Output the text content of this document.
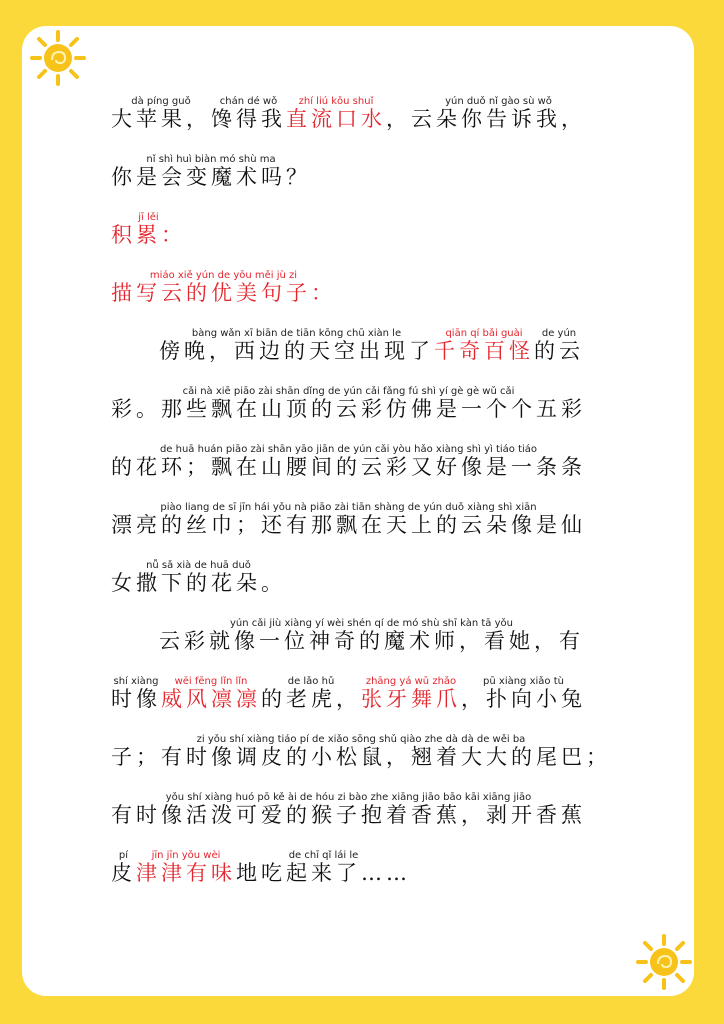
dà píng guǒ
大苹果，
chán dé wǒ
馋得我
zhí liú kǒu shuǐ
直流口水 ，
yún duǒ nǐ gào sù wǒ
云朵你告诉我，
nǐ shì huì biàn mó shù ma
你是会变魔术吗？
jī lěi
积累：
miáo xiě yún de yōu měi jù zi
描写云的优美句子：
bàng wǎn xī biān de tiān kōng chū xiàn le
傍晚，西边的天空出现了
qiān qí bǎi guài
千奇百怪
de yún
的云
cǎi nà xiē piāo zài shān dǐng de yún cǎi fǎng fú shì yí gè gè wǔ cǎi
彩。那些飘在山顶的云彩仿佛是一个个五彩
de huā huán piāo zài shān yāo jiān de yún cǎi yòu hǎo xiàng shì yì tiáo tiáo
的花环；飘在山腰间的云彩又好像是一条条
piào liang de sī jīn hái yǒu nà piāo zài tiān shàng de yún duǒ xiàng shì xiān
漂亮的丝巾；还有那飘在天上的云朵像是仙
nǚ sǎ xià de huā duǒ
女撒下的花朵。
yún cǎi jiù xiàng yí wèi shén qí de mó shù shī kàn tā yǒu
云彩就像一位神奇的魔术师，看她，有
shí xiàng
时像
wēi fēng lǐn lǐn
威风凛凛
de lǎo hǔ
的老虎，
zhāng yá wǔ zhǎo
张牙舞爪
pū xiàng xiǎo tù
，扑向小兔
zi yǒu shí xiàng tiáo pí de xiǎo sōng shǔ qiào zhe dà dà de wěi ba
子；有时像调皮的小松鼠，翘着大大的尾巴；
yǒu shí xiàng huó pō kě ài de hóu zi bào zhe xiāng jiāo bāo kāi xiāng jiāo
有时像活泼可爱的猴子抱着香蕉，剥开香蕉
pí
皮
jīn jīn yǒu wèi
津津有味
de chī qǐ lái le
地吃起来了……
